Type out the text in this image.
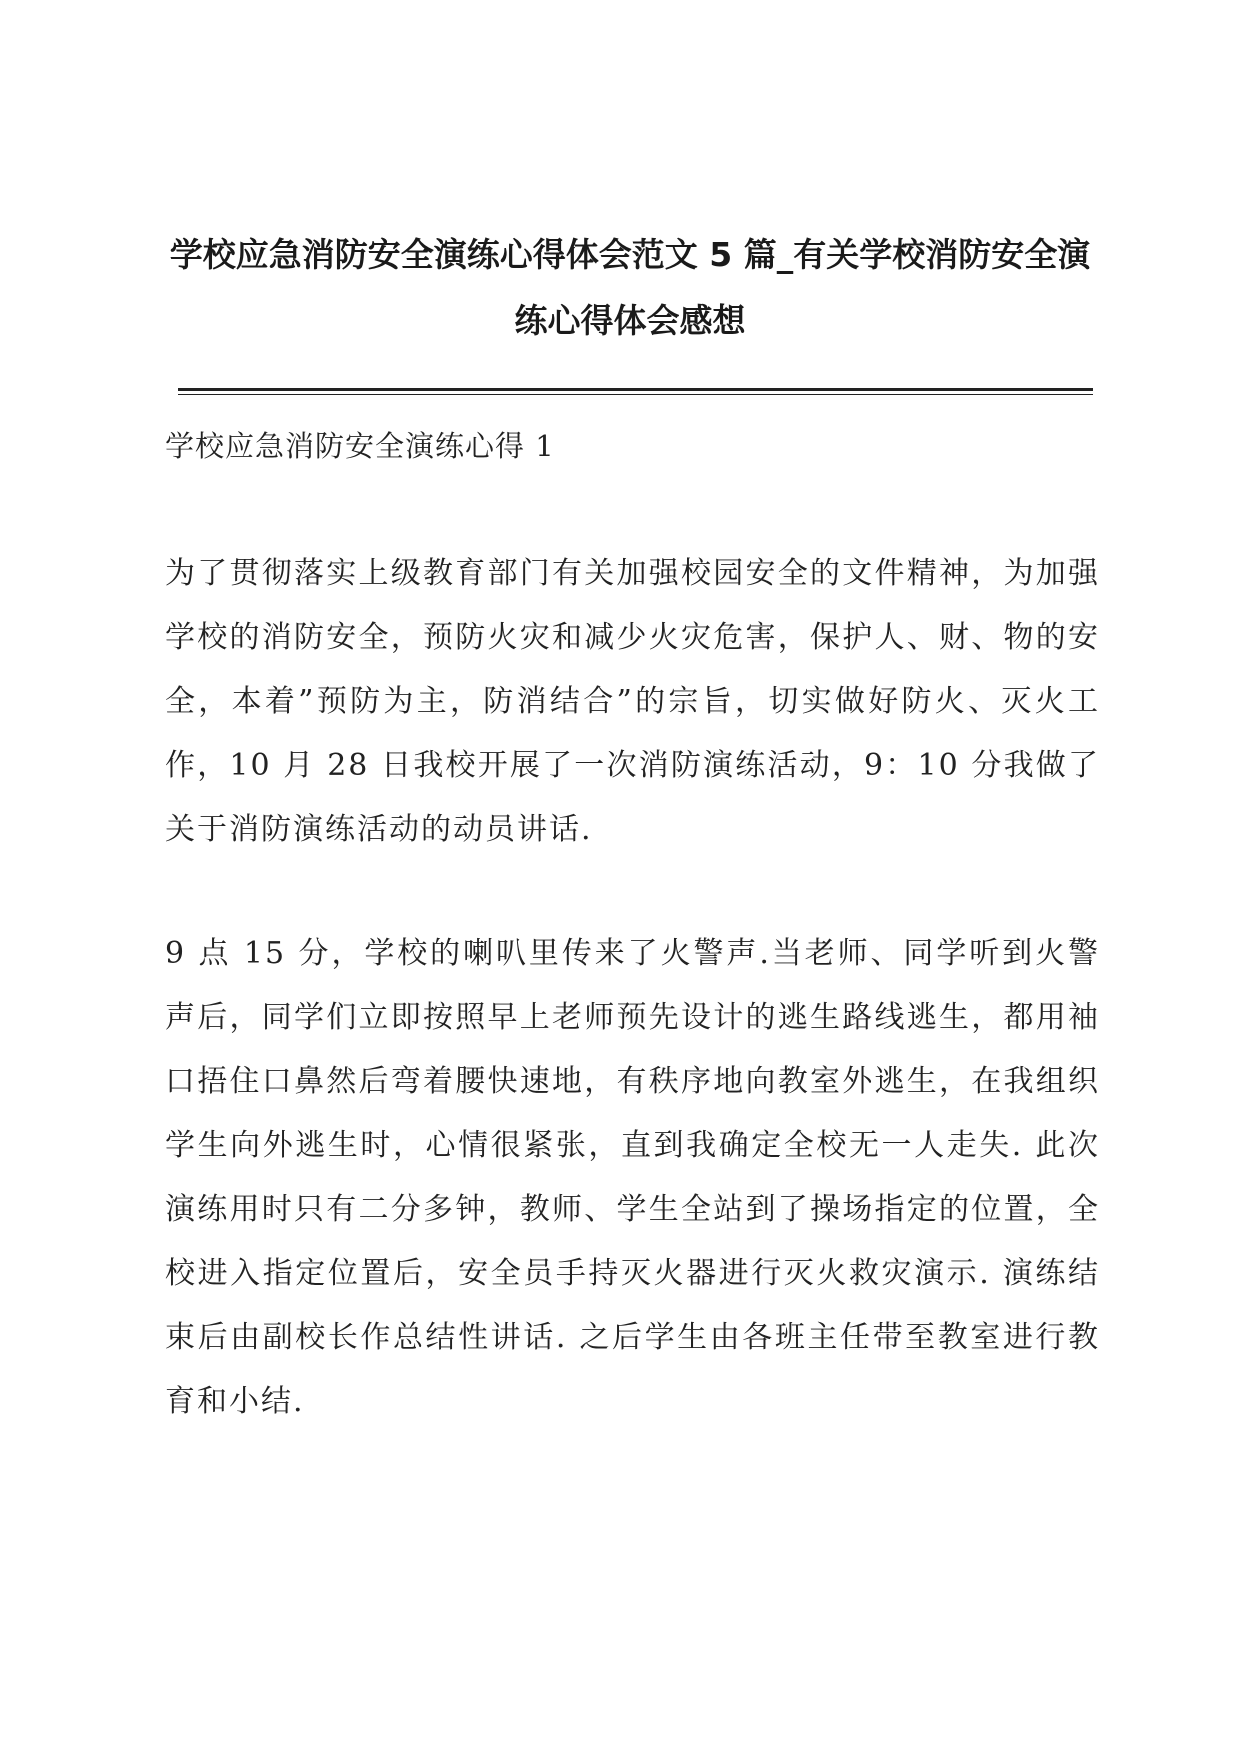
学校应急消防安全演练心得体会范文 5 篇_有关学校消防安全演练心得体会感想
学校应急消防安全演练心得 1

为了贯彻落实上级教育部门有关加强校园安全的文件精神，为加强学校的消防安全，预防火灾和减少火灾危害，保护人、财、物的安全，本着”预防为主，防消结合”的宗旨，切实做好防火、灭火工作，10 月 28 日我校开展了一次消防演练活动，9：10 分我做了关于消防演练活动的动员讲话.

9 点 15 分，学校的喇叭里传来了火警声.当老师、同学听到火警声后，同学们立即按照早上老师预先设计的逃生路线逃生，都用袖口捂住口鼻然后弯着腰快速地，有秩序地向教室外逃生，在我组织学生向外逃生时，心情很紧张，直到我确定全校无一人走失. 此次演练用时只有二分多钟，教师、学生全站到了操场指定的位置，全校进入指定位置后，安全员手持灭火器进行灭火救灾演示. 演练结束后由副校长作总结性讲话. 之后学生由各班主任带至教室进行教育和小结.
